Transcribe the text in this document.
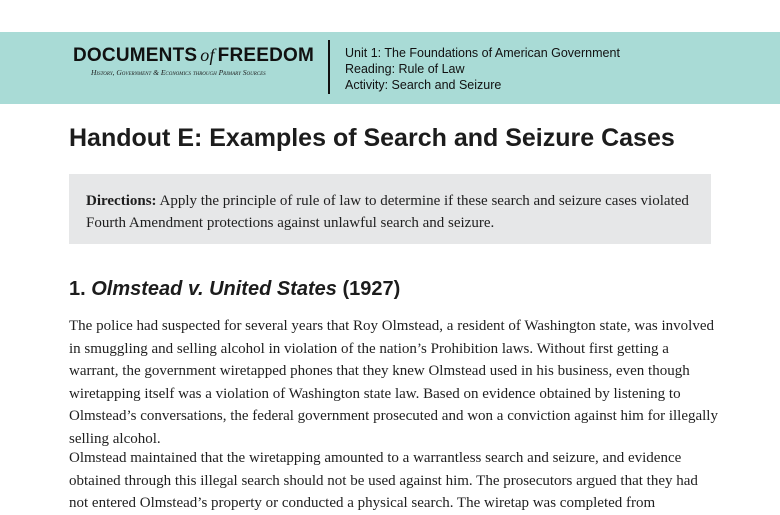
DOCUMENTS of FREEDOM
History, Government & Economics through Primary Sources
Unit 1: The Foundations of American Government
Reading: Rule of Law
Activity: Search and Seizure
Handout E: Examples of Search and Seizure Cases
Directions: Apply the principle of rule of law to determine if these search and seizure cases violated Fourth Amendment protections against unlawful search and seizure.
1. Olmstead v. United States (1927)

The police had suspected for several years that Roy Olmstead, a resident of Washington state, was involved in smuggling and selling alcohol in violation of the nation’s Prohibition laws. Without first getting a warrant, the government wiretapped phones that they knew Olmstead used in his business, even though wiretapping itself was a violation of Washington state law. Based on evidence obtained by listening to Olmstead’s conversations, the federal government prosecuted and won a conviction against him for illegally selling alcohol.

Olmstead maintained that the wiretapping amounted to a warrantless search and seizure, and evidence obtained through this illegal search should not be used against him. The prosecutors argued that they had not entered Olmstead’s property or conducted a physical search. The wiretap was completed from
